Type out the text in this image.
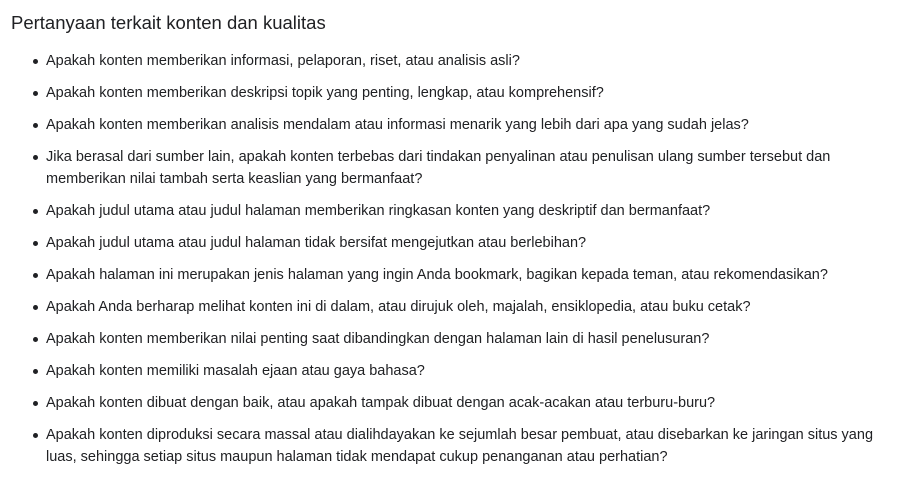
Pertanyaan terkait konten dan kualitas
Apakah konten memberikan informasi, pelaporan, riset, atau analisis asli?
Apakah konten memberikan deskripsi topik yang penting, lengkap, atau komprehensif?
Apakah konten memberikan analisis mendalam atau informasi menarik yang lebih dari apa yang sudah jelas?
Jika berasal dari sumber lain, apakah konten terbebas dari tindakan penyalinan atau penulisan ulang sumber tersebut dan memberikan nilai tambah serta keaslian yang bermanfaat?
Apakah judul utama atau judul halaman memberikan ringkasan konten yang deskriptif dan bermanfaat?
Apakah judul utama atau judul halaman tidak bersifat mengejutkan atau berlebihan?
Apakah halaman ini merupakan jenis halaman yang ingin Anda bookmark, bagikan kepada teman, atau rekomendasikan?
Apakah Anda berharap melihat konten ini di dalam, atau dirujuk oleh, majalah, ensiklopedia, atau buku cetak?
Apakah konten memberikan nilai penting saat dibandingkan dengan halaman lain di hasil penelusuran?
Apakah konten memiliki masalah ejaan atau gaya bahasa?
Apakah konten dibuat dengan baik, atau apakah tampak dibuat dengan acak-acakan atau terburu-buru?
Apakah konten diproduksi secara massal atau dialihdayakan ke sejumlah besar pembuat, atau disebarkan ke jaringan situs yang luas, sehingga setiap situs maupun halaman tidak mendapat cukup penanganan atau perhatian?
